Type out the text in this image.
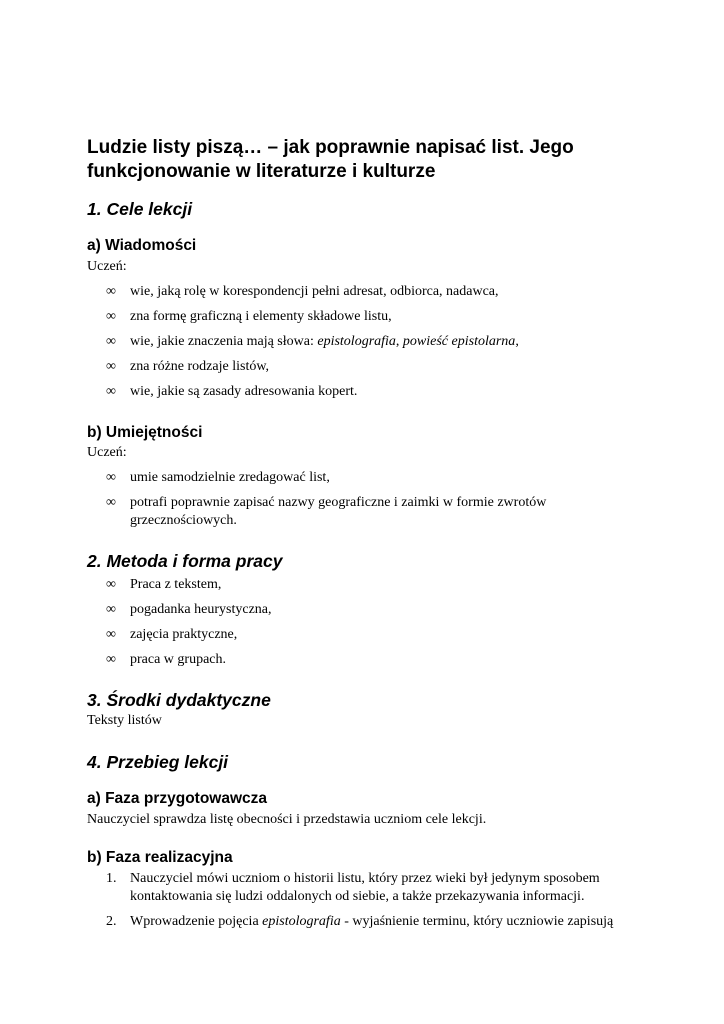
Ludzie listy piszą… – jak poprawnie napisać list. Jego funkcjonowanie w literaturze i kulturze
1. Cele lekcji
a) Wiadomości

Uczeń:

∞	wie, jaką rolę w korespondencji pełni adresat, odbiorca, nadawca,
∞	zna formę graficzną i elementy składowe listu,
∞	wie, jakie znaczenia mają słowa: epistolografia, powieść epistolarna,
∞	zna różne rodzaje listów,
∞	wie, jakie są zasady adresowania kopert.
b) Umiejętności

Uczeń:

∞	umie samodzielnie zredagować list,
∞	potrafi poprawnie zapisać nazwy geograficzne i zaimki w formie zwrotów grzecznościowych.
2. Metoda i forma pracy
∞	Praca z tekstem,
∞	pogadanka heurystyczna,
∞	zajęcia praktyczne,
∞	praca w grupach.
3. Środki dydaktyczne

Teksty listów

4. Przebieg lekcji
a) Faza przygotowawcza

Nauczyciel sprawdza listę obecności i przedstawia uczniom cele lekcji.

b) Faza realizacyjna
1. Nauczyciel mówi uczniom o historii listu, który przez wieki był jedynym sposobem kontaktowania się ludzi oddalonych od siebie, a także przekazywania informacji.
2. Wprowadzenie pojęcia epistolografia - wyjaśnienie terminu, który uczniowie zapisują
